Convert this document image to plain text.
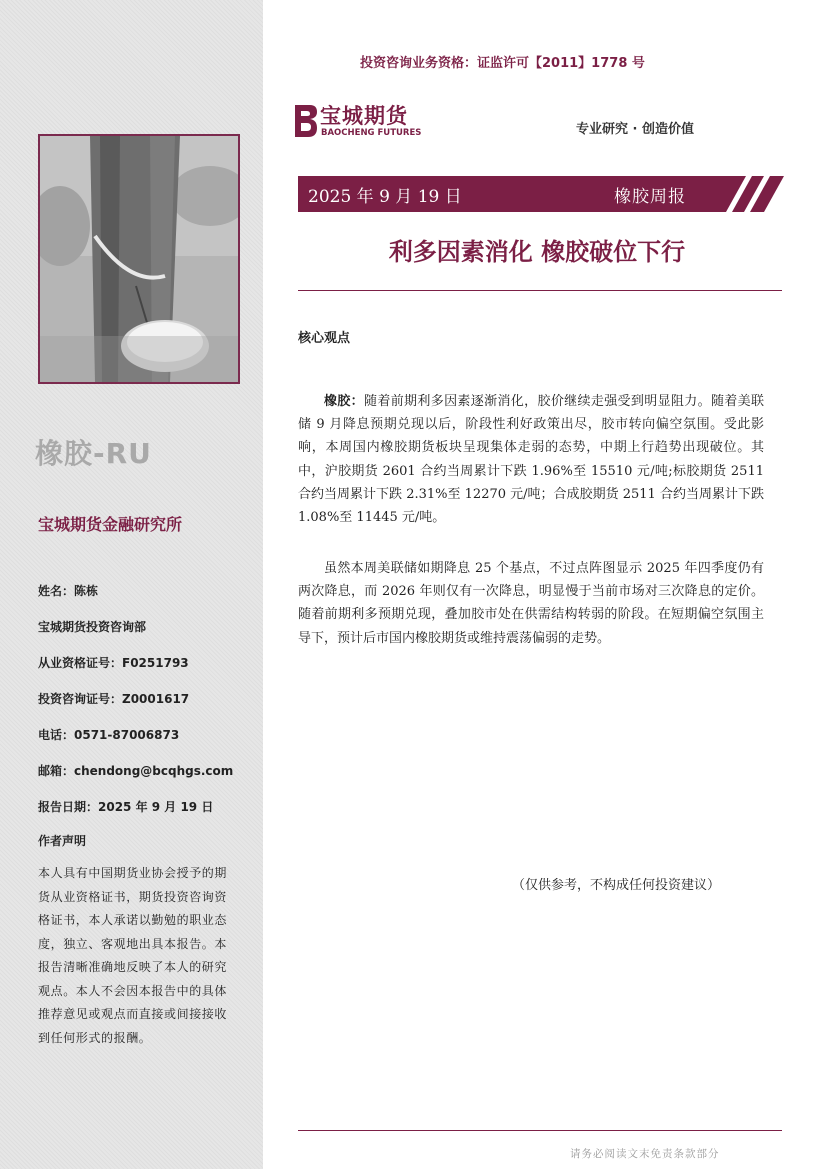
橡胶-RU
宝城期货金融研究所
姓名：陈栋
宝城期货投资咨询部
从业资格证号：F0251793
投资咨询证号：Z0001617
电话：0571-87006873
邮箱：chendong@bcqhgs.com
报告日期：2025 年 9 月 19 日
作者声明
本人具有中国期货业协会授予的期货从业资格证书，期货投资咨询资格证书，本人承诺以勤勉的职业态度，独立、客观地出具本报告。本报告清晰准确地反映了本人的研究观点。本人不会因本报告中的具体推荐意见或观点而直接或间接接收到任何形式的报酬。
投资咨询业务资格：证监许可【2011】1778 号
宝城期货
BAOCHENG FUTURES	专业研究 · 创造价值
2025 年 9 月 19 日	橡胶周报
利多因素消化 橡胶破位下行
核心观点

橡胶：随着前期利多因素逐渐消化，胶价继续走强受到明显阻力。随着美联储 9 月降息预期兑现以后，阶段性利好政策出尽，胶市转向偏空氛围。受此影响，本周国内橡胶期货板块呈现集体走弱的态势，中期上行趋势出现破位。其中，沪胶期货 2601 合约当周累计下跌 1.96%至 15510 元/吨;标胶期货 2511 合约当周累计下跌 2.31%至 12270 元/吨；合成胶期货 2511 合约当周累计下跌 1.08%至 11445 元/吨。

虽然本周美联储如期降息 25 个基点，不过点阵图显示 2025 年四季度仍有两次降息，而 2026 年则仅有一次降息，明显慢于当前市场对三次降息的定价。随着前期利多预期兑现，叠加胶市处在供需结构转弱的阶段。在短期偏空氛围主导下，预计后市国内橡胶期货或维持震荡偏弱的走势。

（仅供参考，不构成任何投资建议）
请务必阅读文末免责条款部分
